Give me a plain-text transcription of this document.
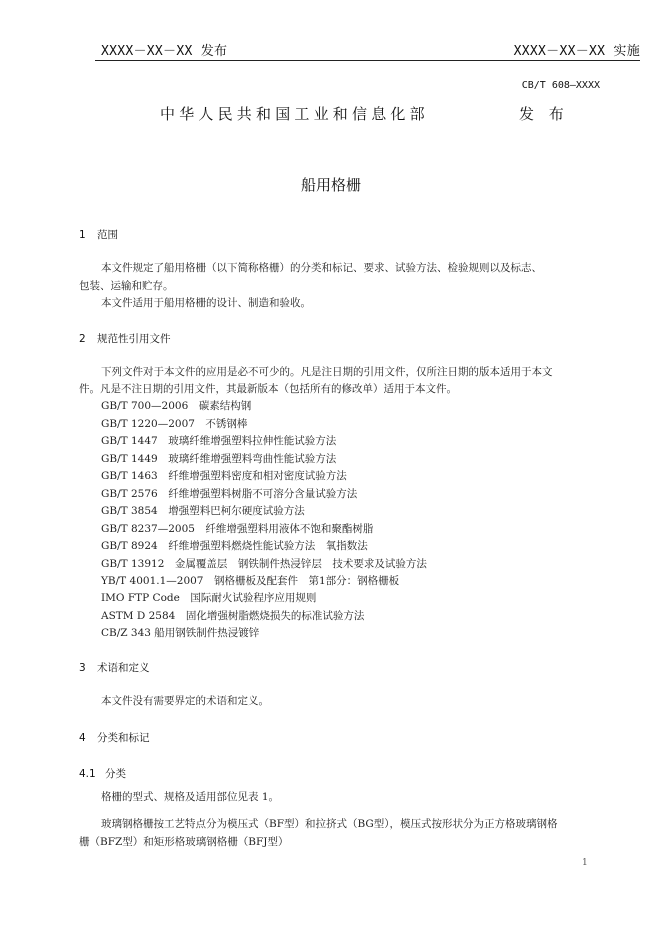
XXXX－XX－XX 发布	XXXX－XX－XX 实施
CB/T 608—XXXX
中华人民共和国工业和信息化部	发 布
船用格栅
1 范围
本文件规定了船用格栅（以下简称格栅）的分类和标记、要求、试验方法、检验规则以及标志、
包装、运输和贮存。
本文件适用于船用格栅的设计、制造和验收。
2 规范性引用文件
下列文件对于本文件的应用是必不可少的。凡是注日期的引用文件，仅所注日期的版本适用于本文
件。凡是不注日期的引用文件，其最新版本（包括所有的修改单）适用于本文件。
GB/T 700—2006　碳素结构钢
GB/T 1220—2007　不锈钢棒
GB/T 1447　玻璃纤维增强塑料拉伸性能试验方法
GB/T 1449　玻璃纤维增强塑料弯曲性能试验方法
GB/T 1463　纤维增强塑料密度和相对密度试验方法
GB/T 2576　纤维增强塑料树脂不可溶分含量试验方法
GB/T 3854　增强塑料巴柯尔硬度试验方法
GB/T 8237—2005　纤维增强塑料用液体不饱和聚酯树脂
GB/T 8924　纤维增强塑料燃烧性能试验方法　氧指数法
GB/T 13912　金属覆盖层　钢铁制件热浸锌层　技术要求及试验方法
YB/T 4001.1—2007　钢格栅板及配套件　第1部分：钢格栅板
IMO FTP Code　国际耐火试验程序应用规则
ASTM D 2584　固化增强树脂燃烧损失的标准试验方法
CB/Z 343 船用钢铁制件热浸镀锌
3 术语和定义
本文件没有需要界定的术语和定义。
4 分类和标记
4.1 分类
格栅的型式、规格及适用部位见表 1。
玻璃钢格栅按工艺特点分为模压式（BF型）和拉挤式（BG型），模压式按形状分为正方格玻璃钢格
栅（BFZ型）和矩形格玻璃钢格栅（BFJ型）
1
